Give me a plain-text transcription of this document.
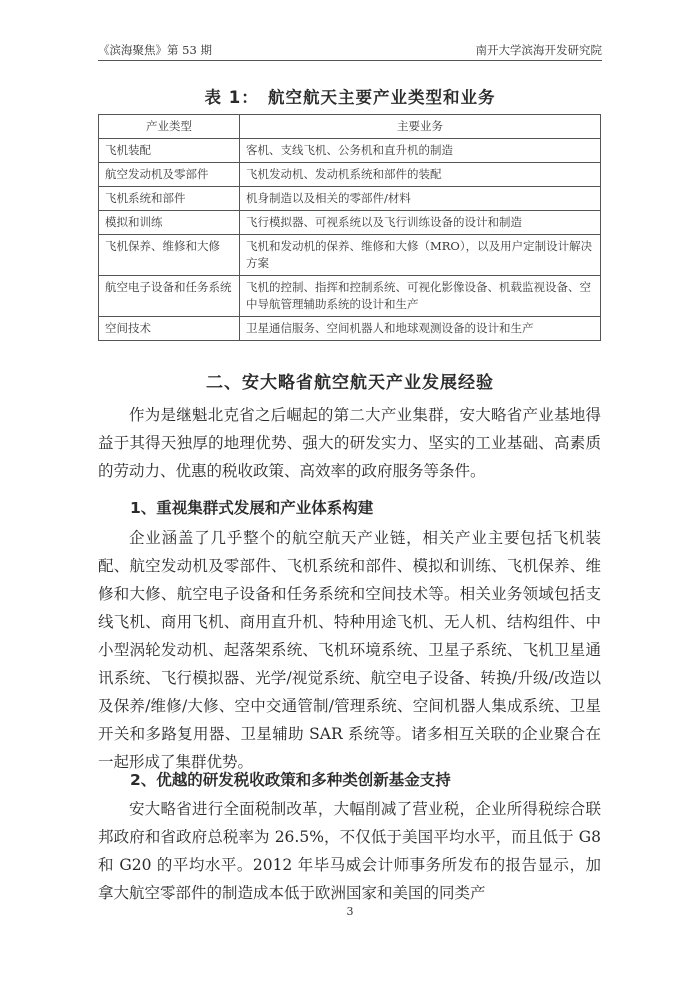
《滨海聚焦》第 53 期	南开大学滨海开发研究院
表 1：　航空航天主要产业类型和业务
产业类型	主要业务
飞机装配	客机、支线飞机、公务机和直升机的制造
航空发动机及零部件	飞机发动机、发动机系统和部件的装配
飞机系统和部件	机身制造以及相关的零部件/材料
模拟和训练	飞行模拟器、可视系统以及飞行训练设备的设计和制造
飞机保养、维修和大修	飞机和发动机的保养、维修和大修（MRO），以及用户定制设计解决方案
航空电子设备和任务系统	飞机的控制、指挥和控制系统、可视化影像设备、机载监视设备、空中导航管理辅助系统的设计和生产
空间技术	卫星通信服务、空间机器人和地球观测设备的设计和生产
二、安大略省航空航天产业发展经验

作为是继魁北克省之后崛起的第二大产业集群，安大略省产业基地得益于其得天独厚的地理优势、强大的研发实力、坚实的工业基础、高素质的劳动力、优惠的税收政策、高效率的政府服务等条件。

1、重视集群式发展和产业体系构建

企业涵盖了几乎整个的航空航天产业链，相关产业主要包括飞机装配、航空发动机及零部件、飞机系统和部件、模拟和训练、飞机保养、维修和大修、航空电子设备和任务系统和空间技术等。相关业务领域包括支线飞机、商用飞机、商用直升机、特种用途飞机、无人机、结构组件、中小型涡轮发动机、起落架系统、飞机环境系统、卫星子系统、飞机卫星通讯系统、飞行模拟器、光学/视觉系统、航空电子设备、转换/升级/改造以及保养/维修/大修、空中交通管制/管理系统、空间机器人集成系统、卫星开关和多路复用器、卫星辅助 SAR 系统等。诸多相互关联的企业聚合在一起形成了集群优势。

2、优越的研发税收政策和多种类创新基金支持

安大略省进行全面税制改革，大幅削减了营业税，企业所得税综合联邦政府和省政府总税率为 26.5%，不仅低于美国平均水平，而且低于 G8 和 G20 的平均水平。2012 年毕马威会计师事务所发布的报告显示，加拿大航空零部件的制造成本低于欧洲国家和美国的同类产

3
